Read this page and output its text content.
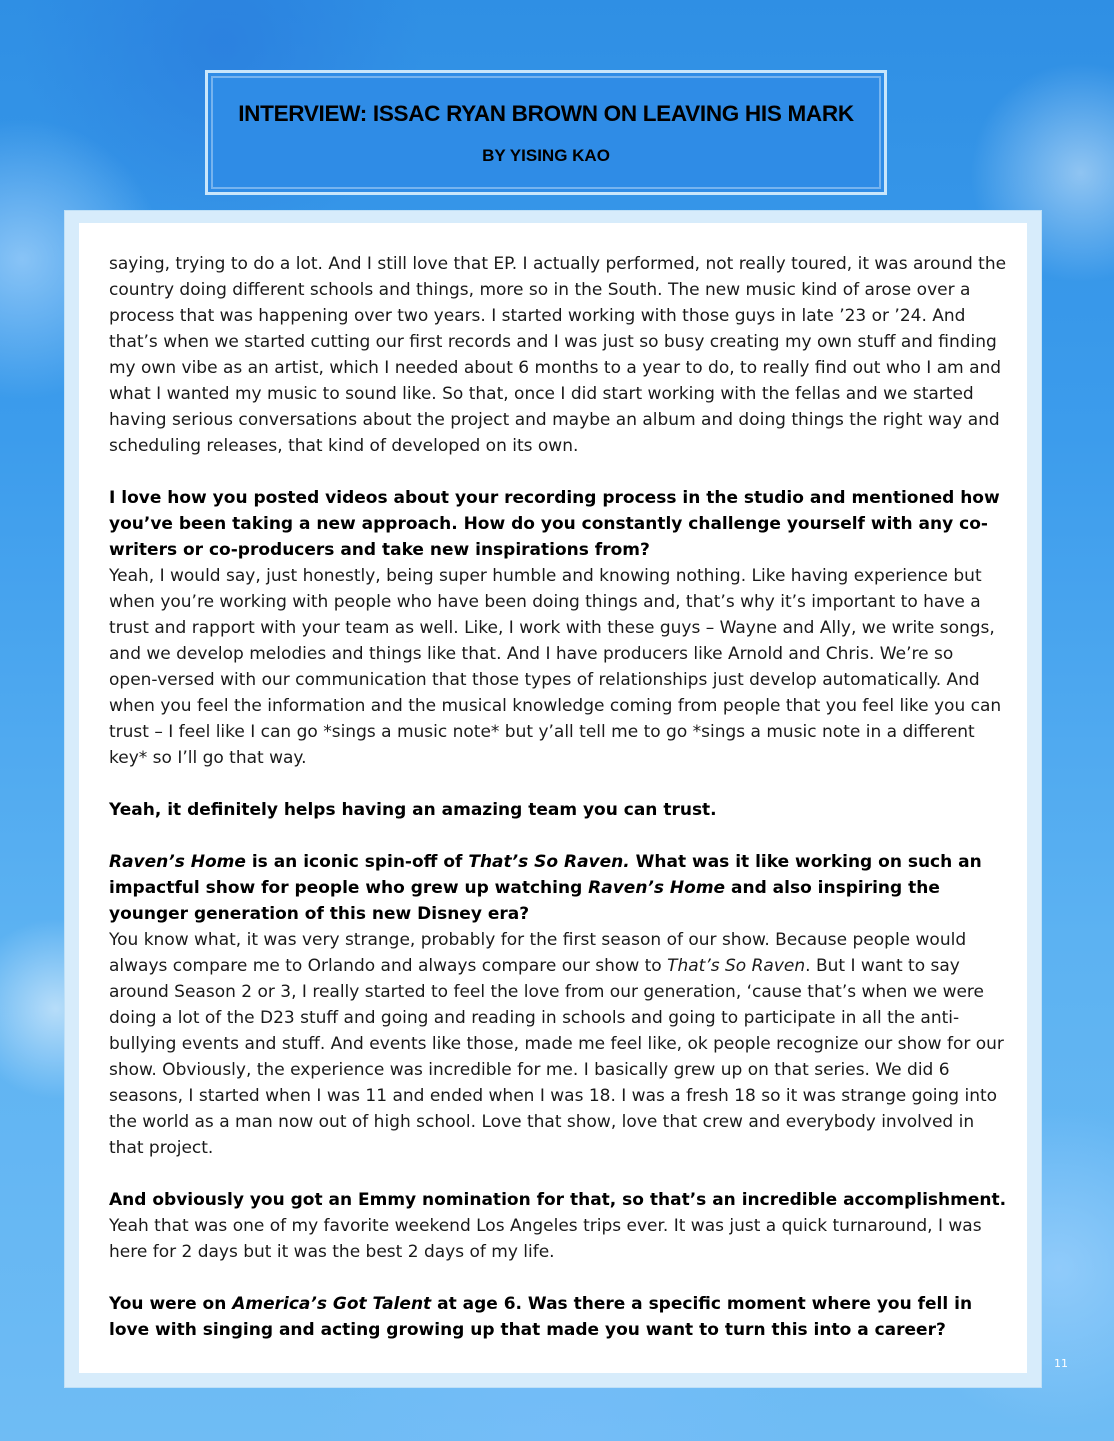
INTERVIEW: ISSAC RYAN BROWN ON LEAVING HIS MARK
BY YISING KAO

saying, trying to do a lot. And I still love that EP. I actually performed, not really toured, it was around the country doing different schools and things, more so in the South. The new music kind of arose over a process that was happening over two years. I started working with those guys in late ’23 or ’24. And that’s when we started cutting our first records and I was just so busy creating my own stuff and finding my own vibe as an artist, which I needed about 6 months to a year to do, to really find out who I am and what I wanted my music to sound like. So that, once I did start working with the fellas and we started having serious conversations about the project and maybe an album and doing things the right way and scheduling releases, that kind of developed on its own.

I love how you posted videos about your recording process in the studio and mentioned how you’ve been taking a new approach. How do you constantly challenge yourself with any co-writers or co-producers and take new inspirations from?
Yeah, I would say, just honestly, being super humble and knowing nothing. Like having experience but when you’re working with people who have been doing things and, that’s why it’s important to have a trust and rapport with your team as well. Like, I work with these guys – Wayne and Ally, we write songs, and we develop melodies and things like that. And I have producers like Arnold and Chris. We’re so open-versed with our communication that those types of relationships just develop automatically. And when you feel the information and the musical knowledge coming from people that you feel like you can trust – I feel like I can go *sings a music note* but y’all tell me to go *sings a music note in a different key* so I’ll go that way.

Yeah, it definitely helps having an amazing team you can trust.

Raven’s Home is an iconic spin-off of That’s So Raven. What was it like working on such an impactful show for people who grew up watching Raven’s Home and also inspiring the younger generation of this new Disney era?
You know what, it was very strange, probably for the first season of our show. Because people would always compare me to Orlando and always compare our show to That’s So Raven. But I want to say around Season 2 or 3, I really started to feel the love from our generation, ‘cause that’s when we were doing a lot of the D23 stuff and going and reading in schools and going to participate in all the anti-bullying events and stuff. And events like those, made me feel like, ok people recognize our show for our show. Obviously, the experience was incredible for me. I basically grew up on that series. We did 6 seasons, I started when I was 11 and ended when I was 18. I was a fresh 18 so it was strange going into the world as a man now out of high school. Love that show, love that crew and everybody involved in that project.

And obviously you got an Emmy nomination for that, so that’s an incredible accomplishment.
Yeah that was one of my favorite weekend Los Angeles trips ever. It was just a quick turnaround, I was here for 2 days but it was the best 2 days of my life.

You were on America’s Got Talent at age 6. Was there a specific moment where you fell in love with singing and acting growing up that made you want to turn this into a career?

11
